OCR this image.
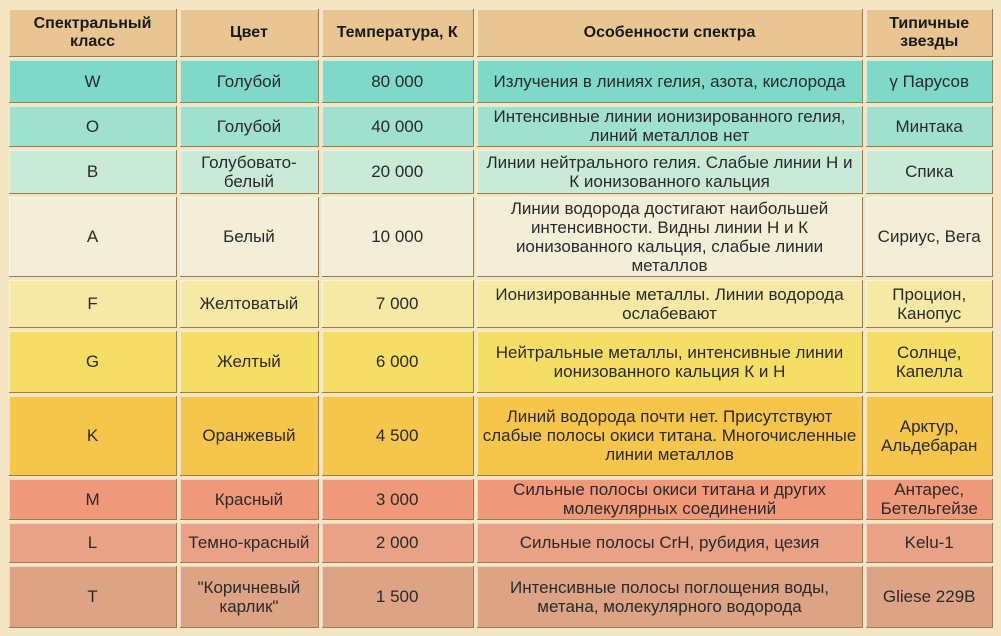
Спектральный класс	Цвет	Температура, К	Особенности спектра	Типичные звезды
W	Голубой	80 000	Излучения в линиях гелия, азота, кислорода	γ Парусов
O	Голубой	40 000	Интенсивные линии ионизированного гелия, линий металлов нет	Минтака
B	Голубовато-белый	20 000	Линии нейтрального гелия. Слабые линии Н и К ионизованного кальция	Спика
A	Белый	10 000	Линии водорода достигают наибольшей интенсивности. Видны линии Н и К ионизованного кальция, слабые линии металлов	Сириус, Вега
F	Желтоватый	7 000	Ионизированные металлы. Линии водорода ослабевают	Процион, Канопус
G	Желтый	6 000	Нейтральные металлы, интенсивные линии ионизованного кальция К и Н	Солнце, Капелла
K	Оранжевый	4 500	Линий водорода почти нет. Присутствуют слабые полосы окиси титана. Многочисленные линии металлов	Арктур, Альдебаран
M	Красный	3 000	Сильные полосы окиси титана и других молекулярных соединений	Антарес, Бетельгейзе
L	Темно-красный	2 000	Сильные полосы CrH, рубидия, цезия	Kelu-1
T	"Коричневый карлик"	1 500	Интенсивные полосы поглощения воды, метана, молекулярного водорода	Gliese 229B
